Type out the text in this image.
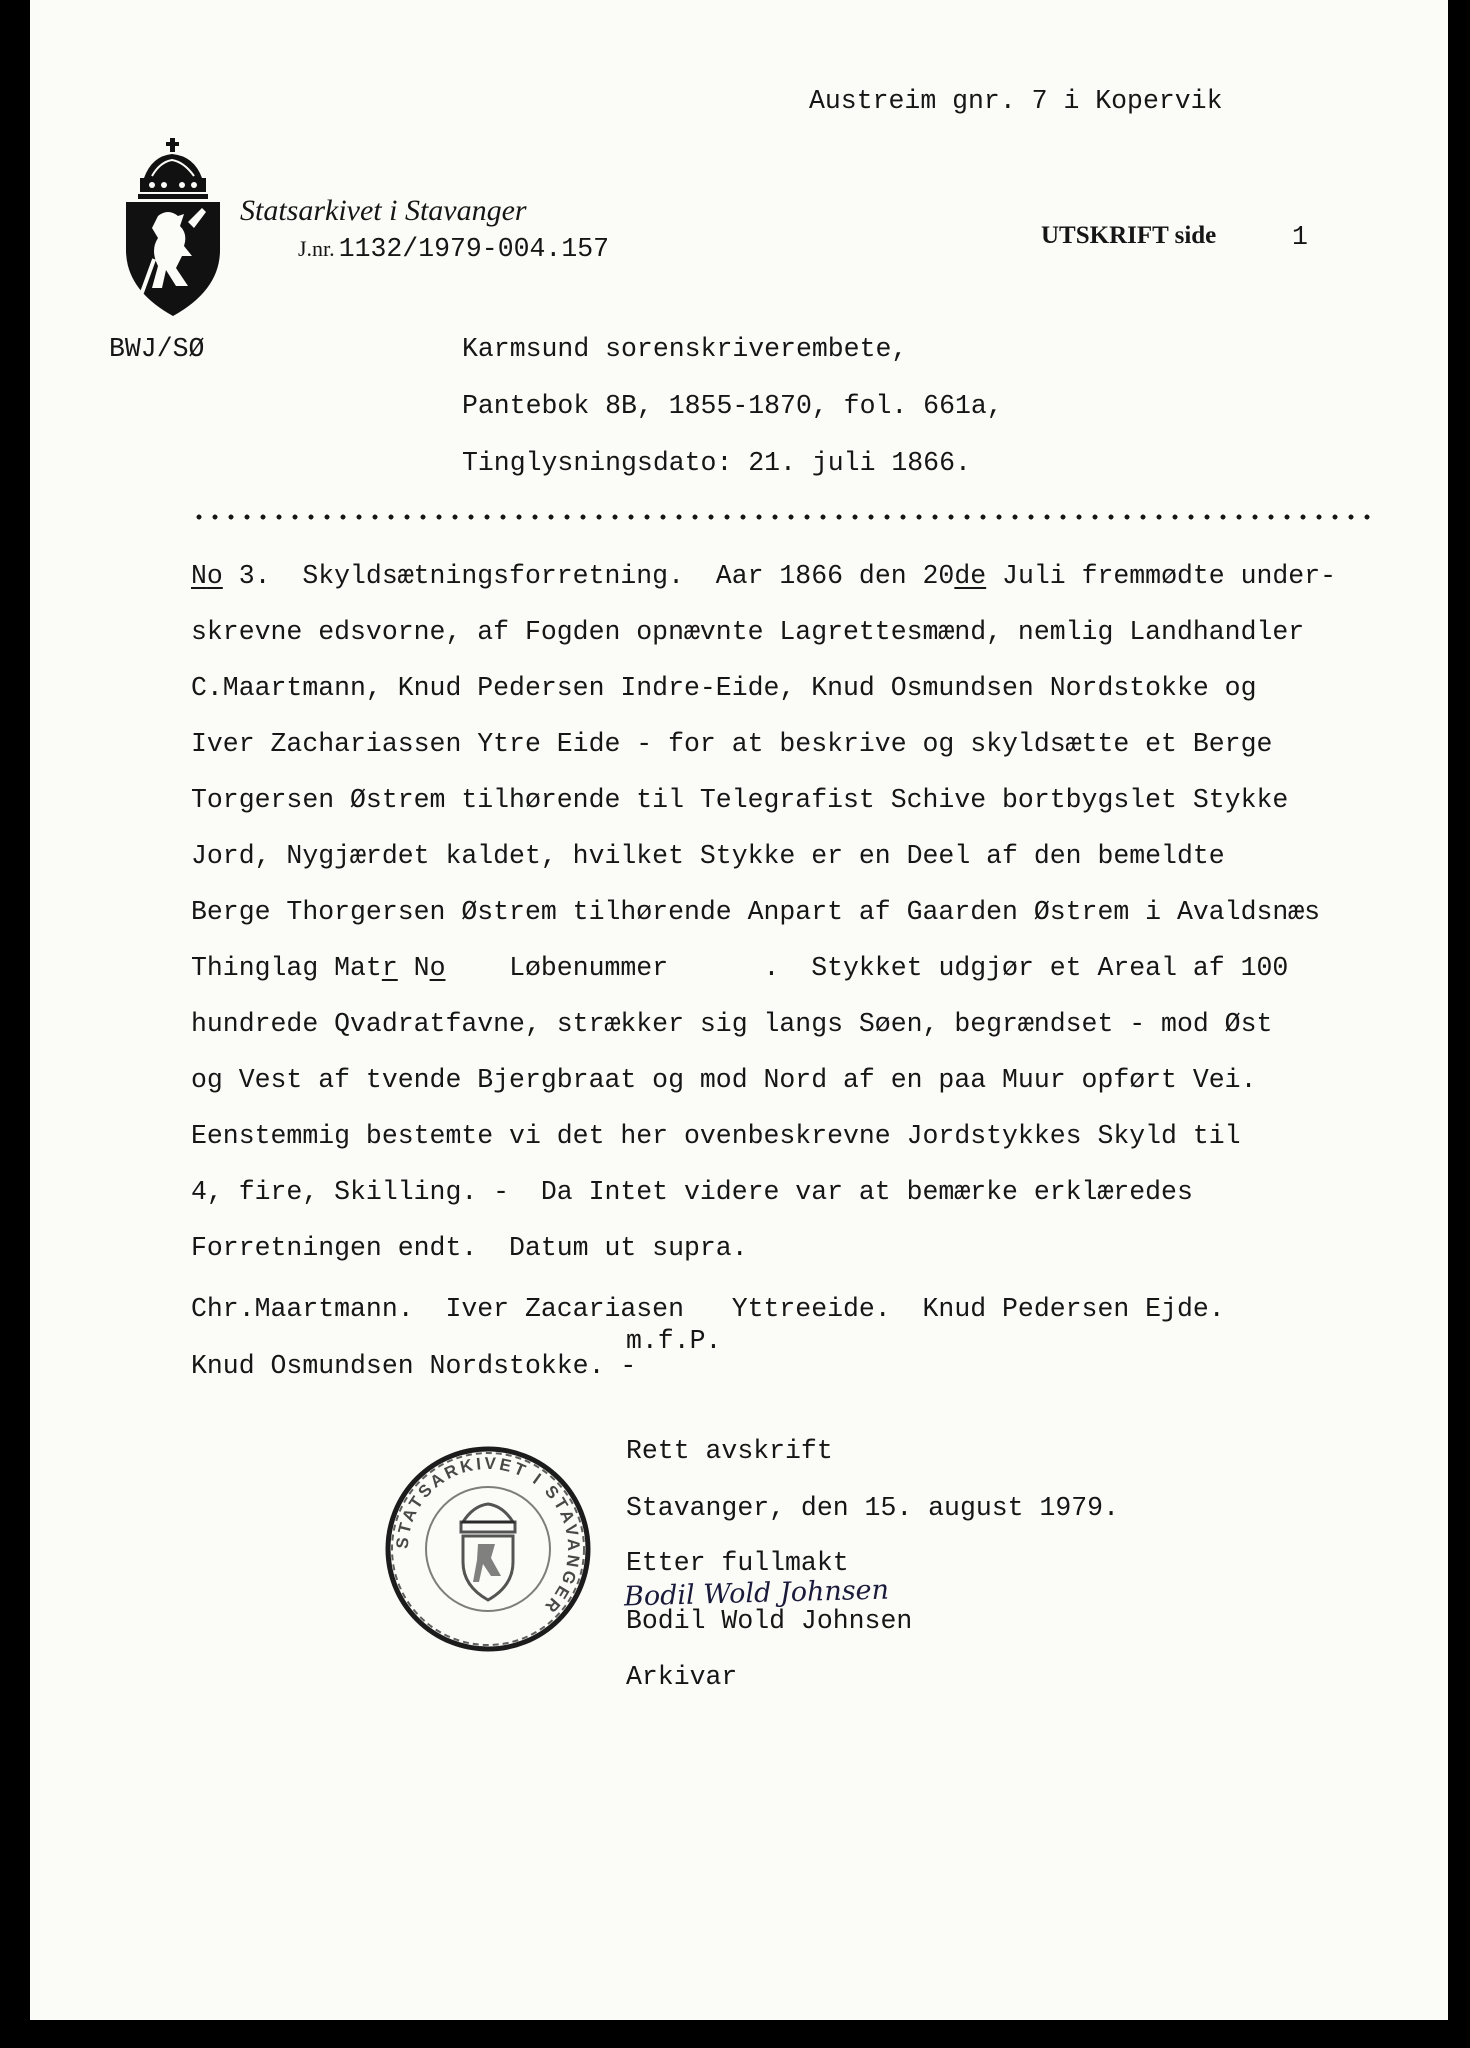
Austreim gnr. 7 i Kopervik
Statsarkivet i Stavanger
J.nr. 1132/1979-004.157	UTSKRIFT side	1
BWJ/SØ	Karmsund sorenskriverembete,
Pantebok 8B, 1855-1870, fol. 661a,
Tinglysningsdato: 21. juli 1866.
No 3.  Skyldsætningsforretning.  Aar 1866 den 20de Juli fremmødte under-
skrevne edsvorne, af Fogden opnævnte Lagrettesmænd, nemlig Landhandler
C.Maartmann, Knud Pedersen Indre-Eide, Knud Osmundsen Nordstokke og
Iver Zachariassen Ytre Eide - for at beskrive og skyldsætte et Berge
Torgersen Østrem tilhørende til Telegrafist Schive bortbygslet Stykke
Jord, Nygjærdet kaldet, hvilket Stykke er en Deel af den bemeldte
Berge Thorgersen Østrem tilhørende Anpart af Gaarden Østrem i Avaldsnæs
Thinglag Matr No    Løbenummer      .  Stykket udgjør et Areal af 100
hundrede Qvadratfavne, strækker sig langs Søen, begrændset - mod Øst
og Vest af tvende Bjergbraat og mod Nord af en paa Muur opført Vei.
Eenstemmig bestemte vi det her ovenbeskrevne Jordstykkes Skyld til
4, fire, Skilling. -  Da Intet videre var at bemærke erklæredes
Forretningen endt.  Datum ut supra.
Chr.Maartmann.  Iver Zacariasen   Yttreeide.  Knud Pedersen Ejde.
m.f.P.
Knud Osmundsen Nordstokke. -
Rett avskrift
Stavanger, den 15. august 1979.
Etter fullmakt
Bodil Wold Johnsen
Bodil Wold Johnsen
Arkivar
STATSARKIVET I STAVANGER
